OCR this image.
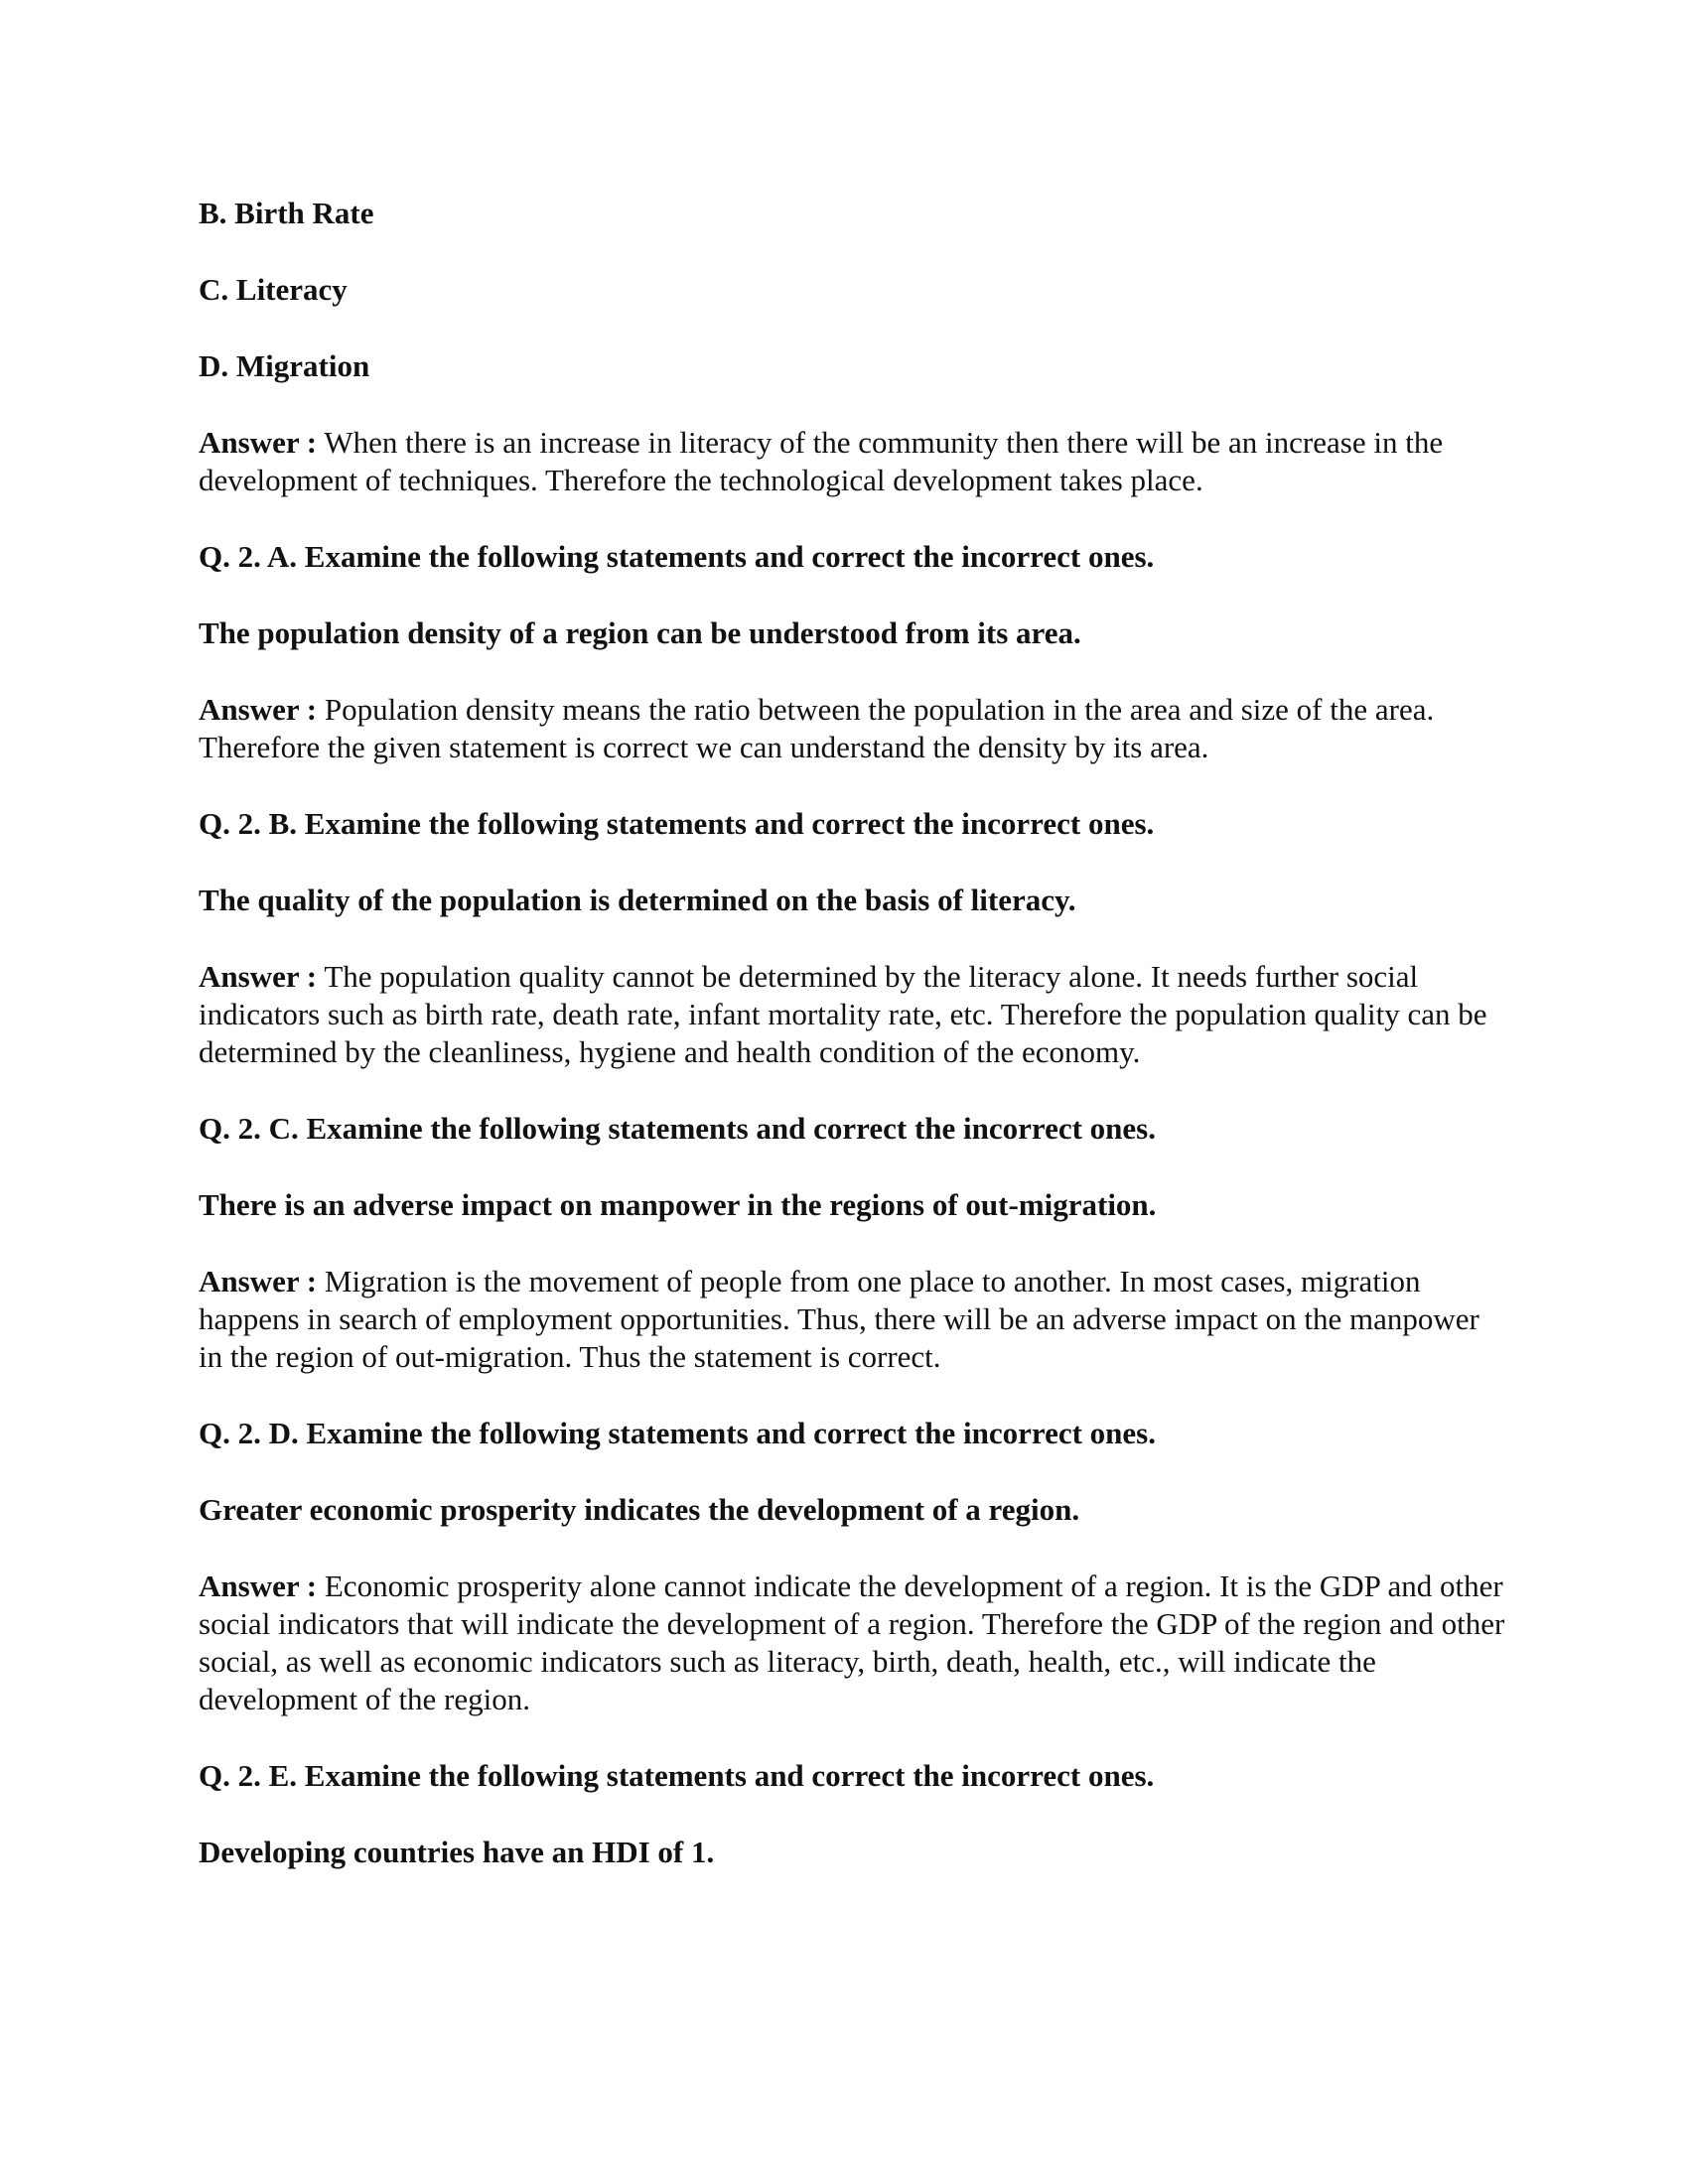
B. Birth Rate

C. Literacy

D. Migration

Answer : When there is an increase in literacy of the community then there will be an increase in the development of techniques. Therefore the technological development takes place.

Q. 2. A. Examine the following statements and correct the incorrect ones.

The population density of a region can be understood from its area.

Answer : Population density means the ratio between the population in the area and size of the area. Therefore the given statement is correct we can understand the density by its area.

Q. 2. B. Examine the following statements and correct the incorrect ones.

The quality of the population is determined on the basis of literacy.

Answer : The population quality cannot be determined by the literacy alone. It needs further social indicators such as birth rate, death rate, infant mortality rate, etc. Therefore the population quality can be determined by the cleanliness, hygiene and health condition of the economy.

Q. 2. C. Examine the following statements and correct the incorrect ones.

There is an adverse impact on manpower in the regions of out-migration.

Answer : Migration is the movement of people from one place to another. In most cases, migration happens in search of employment opportunities. Thus, there will be an adverse impact on the manpower in the region of out-migration. Thus the statement is correct.

Q. 2. D. Examine the following statements and correct the incorrect ones.

Greater economic prosperity indicates the development of a region.

Answer : Economic prosperity alone cannot indicate the development of a region. It is the GDP and other social indicators that will indicate the development of a region. Therefore the GDP of the region and other social, as well as economic indicators such as literacy, birth, death, health, etc., will indicate the development of the region.

Q. 2. E. Examine the following statements and correct the incorrect ones.

Developing countries have an HDI of 1.
